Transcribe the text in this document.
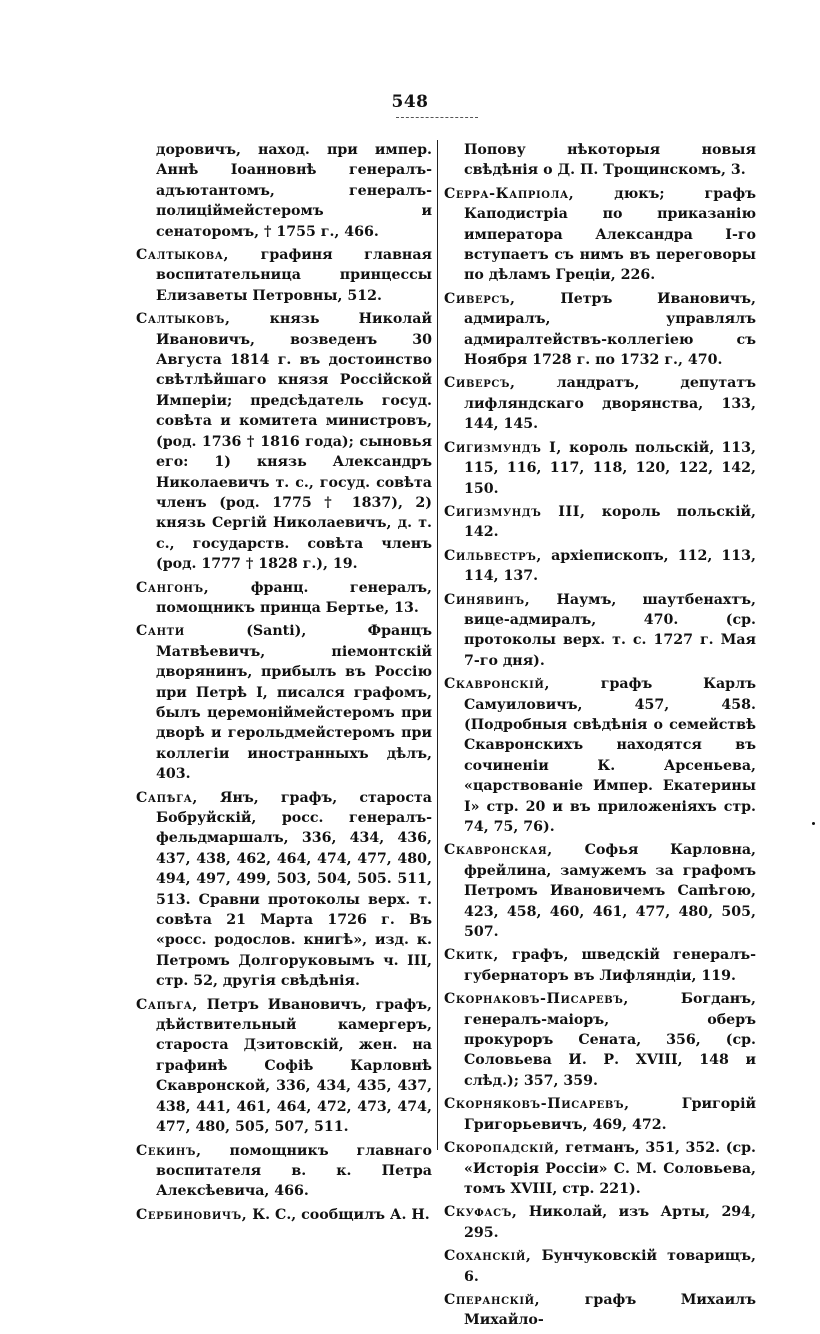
548

доровичъ, наход. при импер. Аннѣ Іоанновнѣ генералъ-адъютантомъ, генералъ-полицiймейстеромъ и сенаторомъ, † 1755 г., 466.

Салтыкова, графиня главная воспитательница принцессы Елизаветы Петровны, 512.

Салтыковъ, князь Николай Ивановичъ, возведенъ 30 Августа 1814 г. въ достоинство свѣтлѣйшаго князя Россійской Имперіи; предсѣдатель госуд. совѣта и комитета министровъ, (род. 1736 † 1816 года); сыновья его: 1) князь Александръ Николаевичъ т. с., госуд. совѣта членъ (род. 1775 † 1837), 2) князь Сергій Николаевичъ, д. т. с., государств. совѣта членъ (род. 1777 † 1828 г.), 19.

Сангонъ, франц. генералъ, помощникъ принца Бертье, 13.

Санти (Santi), Францъ Матвѣевичъ, піемонтскій дворянинъ, прибылъ въ Россію при Петрѣ I, писался графомъ, былъ церемоніймейстеромъ при дворѣ и герольдмейстеромъ при коллегіи иностранныхъ дѣлъ, 403.

Сапѣга, Янъ, графъ, староста Бобруйскій, росс. генералъ-фельдмаршалъ, 336, 434, 436, 437, 438, 462, 464, 474, 477, 480, 494, 497, 499, 503, 504, 505. 511, 513. Сравни протоколы верх. т. совѣта 21 Марта 1726 г. Въ «росс. родослов. книгѣ», изд. к. Петромъ Долгоруковымъ ч. III, стр. 52, другія свѣдѣнія.

Сапѣга, Петръ Ивановичъ, графъ, дѣйствительный камергеръ, староста Дзитовскій, жен. на графинѣ Софіѣ Карловнѣ Скавронской, 336, 434, 435, 437, 438, 441, 461, 464, 472, 473, 474, 477, 480, 505, 507, 511.

Секинъ, помощникъ главнаго воспитателя в. к. Петра Алексѣевича, 466.

Сербиновичъ, К. С., сообщилъ А. Н.

Попову нѣкоторыя новыя свѣдѣнія о Д. П. Трощинскомъ, 3.

Серра-Капріола, дюкъ; графъ Каподистріа по приказанію императора Александра I-го вступаетъ съ нимъ въ переговоры по дѣламъ Греціи, 226.

Сиверсъ, Петръ Ивановичъ, адмиралъ, управлялъ адмиралтействъ-коллегіею съ Ноября 1728 г. по 1732 г., 470.

Сиверсъ, ландратъ, депутатъ лифляндскаго дворянства, 133, 144, 145.

Сигизмундъ I, король польскій, 113, 115, 116, 117, 118, 120, 122, 142, 150.

Сигизмундъ III, король польскій, 142.

Сильвестръ, архіепископъ, 112, 113, 114, 137.

Синявинъ, Наумъ, шаутбенахтъ, вице-адмиралъ, 470. (ср. протоколы верх. т. с. 1727 г. Мая 7-го дня).

Скавронскій, графъ Карлъ Самуиловичъ, 457, 458. (Подробныя свѣдѣнія о семействѣ Скавронскихъ находятся въ сочиненіи К. Арсеньева, «царствованіе Импер. Екатерины I» стр. 20 и въ приложеніяхъ стр. 74, 75, 76).

Скавронская, Софья Карловна, фрейлина, замужемъ за графомъ Петромъ Ивановичемъ Сапѣгою, 423, 458, 460, 461, 477, 480, 505, 507.

Скитк, графъ, шведскій генералъ-губернаторъ въ Лифляндіи, 119.

Скорнаковъ-Писаревъ, Богданъ, генералъ-маіоръ, оберъ прокуроръ Сената, 356, (ср. Соловьева И. Р. XVIII, 148 и слѣд.); 357, 359.

Скорняковъ-Писаревъ, Григорій Григорьевичъ, 469, 472.

Скоропадскій, гетманъ, 351, 352. (ср. «Исторія Россіи» С. М. Соловьева, томъ XVIII, стр. 221).

Скуфасъ, Николай, изъ Арты, 294, 295.

Соханскій, Бунчуковскій товарищъ, 6.

Сперанскій, графъ Михаилъ Михайло-
